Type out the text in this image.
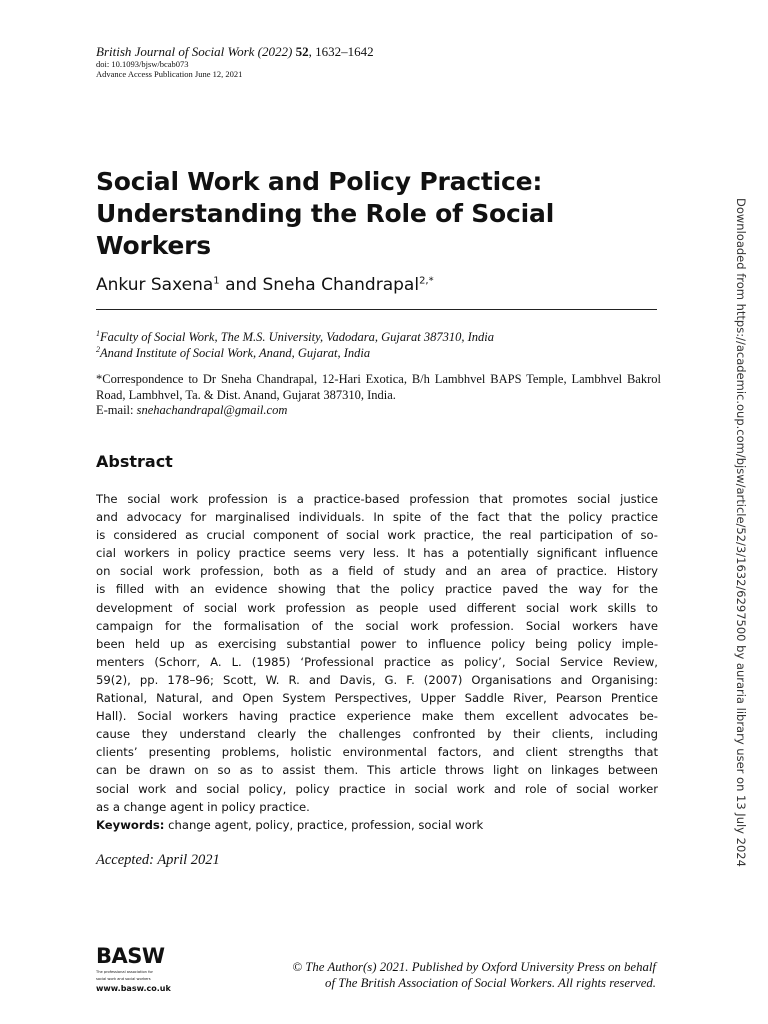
British Journal of Social Work (2022) 52, 1632–1642
doi: 10.1093/bjsw/bcab073
Advance Access Publication June 12, 2021
Social Work and Policy Practice:
Understanding the Role of Social
Workers
Ankur Saxena$^1$ and Sneha Chandrapal$^{2,*}$
$^1$Faculty of Social Work, The M.S. University, Vadodara, Gujarat 387310, India
$^2$Anand Institute of Social Work, Anand, Gujarat, India
*Correspondence to Dr Sneha Chandrapal, 12-Hari Exotica, B/h Lambhvel BAPS Temple, Lambhvel Bakrol Road, Lambhvel, Ta. & Dist. Anand, Gujarat 387310, India.
E-mail: snehachandrapal@gmail.com
Abstract
The social work profession is a practice-based profession that promotes social justice
and advocacy for marginalised individuals. In spite of the fact that the policy practice
is considered as crucial component of social work practice, the real participation of so-
cial workers in policy practice seems very less. It has a potentially significant influence
on social work profession, both as a field of study and an area of practice. History
is filled with an evidence showing that the policy practice paved the way for the
development of social work profession as people used different social work skills to
campaign for the formalisation of the social work profession. Social workers have
been held up as exercising substantial power to influence policy being policy imple-
menters (Schorr, A. L. (1985) ‘Professional practice as policy’, Social Service Review,
59(2), pp. 178–96; Scott, W. R. and Davis, G. F. (2007) Organisations and Organising:
Rational, Natural, and Open System Perspectives, Upper Saddle River, Pearson Prentice
Hall). Social workers having practice experience make them excellent advocates be-
cause they understand clearly the challenges confronted by their clients, including
clients’ presenting problems, holistic environmental factors, and client strengths that
can be drawn on so as to assist them. This article throws light on linkages between
social work and social policy, policy practice in social work and role of social worker
as a change agent in policy practice.
Keywords: change agent, policy, practice, profession, social work
Accepted: April 2021
BASW
The professional association for
social work and social workers
www.basw.co.uk
© The Author(s) 2021. Published by Oxford University Press on behalf
of The British Association of Social Workers. All rights reserved.
Downloaded from https://academic.oup.com/bjsw/article/52/3/1632/6297500 by auraria library user on 13 July 2024
